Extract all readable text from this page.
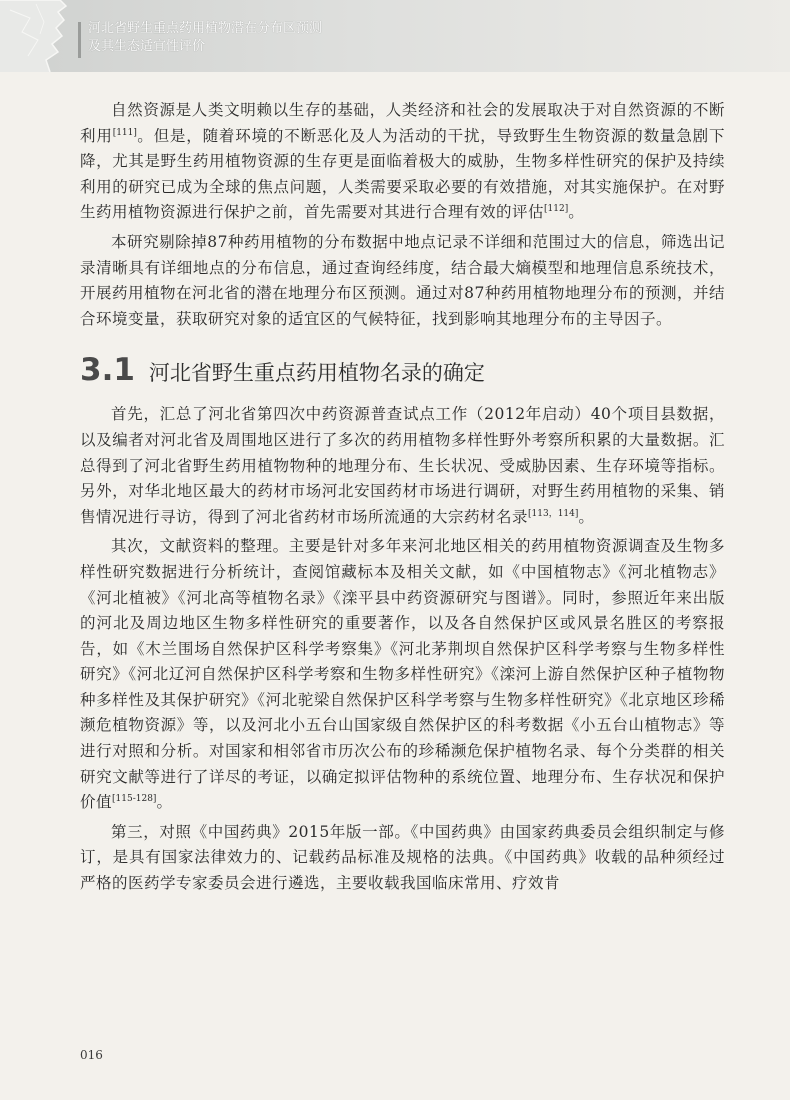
河北省野生重点药用植物潜在分布区预测
及其生态适宜性评价

自然资源是人类文明赖以生存的基础，人类经济和社会的发展取决于对自然资源的不断利用[111]。但是，随着环境的不断恶化及人为活动的干扰，导致野生生物资源的数量急剧下降，尤其是野生药用植物资源的生存更是面临着极大的威胁，生物多样性研究的保护及持续利用的研究已成为全球的焦点问题，人类需要采取必要的有效措施，对其实施保护。在对野生药用植物资源进行保护之前，首先需要对其进行合理有效的评估[112]。

本研究剔除掉87种药用植物的分布数据中地点记录不详细和范围过大的信息，筛选出记录清晰具有详细地点的分布信息，通过查询经纬度，结合最大熵模型和地理信息系统技术，开展药用植物在河北省的潜在地理分布区预测。通过对87种药用植物地理分布的预测，并结合环境变量，获取研究对象的适宜区的气候特征，找到影响其地理分布的主导因子。

3.1 河北省野生重点药用植物名录的确定

首先，汇总了河北省第四次中药资源普查试点工作（2012年启动）40个项目县数据，以及编者对河北省及周围地区进行了多次的药用植物多样性野外考察所积累的大量数据。汇总得到了河北省野生药用植物物种的地理分布、生长状况、受威胁因素、生存环境等指标。另外，对华北地区最大的药材市场河北安国药材市场进行调研，对野生药用植物的采集、销售情况进行寻访，得到了河北省药材市场所流通的大宗药材名录[113，114]。

其次，文献资料的整理。主要是针对多年来河北地区相关的药用植物资源调查及生物多样性研究数据进行分析统计，查阅馆藏标本及相关文献，如《中国植物志》《河北植物志》《河北植被》《河北高等植物名录》《滦平县中药资源研究与图谱》。同时，参照近年来出版的河北及周边地区生物多样性研究的重要著作，以及各自然保护区或风景名胜区的考察报告，如《木兰围场自然保护区科学考察集》《河北茅荆坝自然保护区科学考察与生物多样性研究》《河北辽河自然保护区科学考察和生物多样性研究》《滦河上游自然保护区种子植物物种多样性及其保护研究》《河北驼梁自然保护区科学考察与生物多样性研究》《北京地区珍稀濒危植物资源》等，以及河北小五台山国家级自然保护区的科考数据《小五台山植物志》等进行对照和分析。对国家和相邻省市历次公布的珍稀濒危保护植物名录、每个分类群的相关研究文献等进行了详尽的考证，以确定拟评估物种的系统位置、地理分布、生存状况和保护价值[115-128]。

第三，对照《中国药典》2015年版一部。《中国药典》由国家药典委员会组织制定与修订，是具有国家法律效力的、记载药品标准及规格的法典。《中国药典》收载的品种须经过严格的医药学专家委员会进行遴选，主要收载我国临床常用、疗效肯

016
